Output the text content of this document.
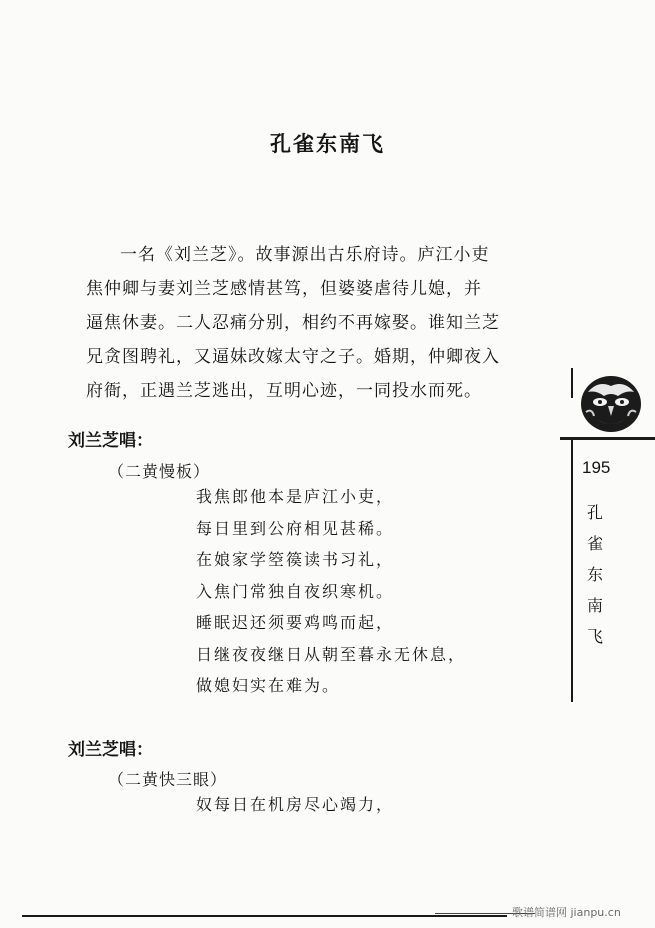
孔雀东南飞
一名《刘兰芝》。故事源出古乐府诗。庐江小吏
焦仲卿与妻刘兰芝感情甚笃，但婆婆虐待儿媳，并
逼焦休妻。二人忍痛分别，相约不再嫁娶。谁知兰芝
兄贪图聘礼，又逼妹改嫁太守之子。婚期，仲卿夜入
府衙，正遇兰芝逃出，互明心迹，一同投水而死。
刘兰芝唱：
（二黄慢板）
我焦郎他本是庐江小吏，
每日里到公府相见甚稀。
在娘家学箜篌读书习礼，
入焦门常独自夜织寒机。
睡眠迟还须要鸡鸣而起，
日继夜夜继日从朝至暮永无休息，
做媳妇实在难为。
刘兰芝唱：
（二黄快三眼）
奴每日在机房尽心竭力，
195
孔雀东南飞
歌谱简谱网 jianpu.cn
